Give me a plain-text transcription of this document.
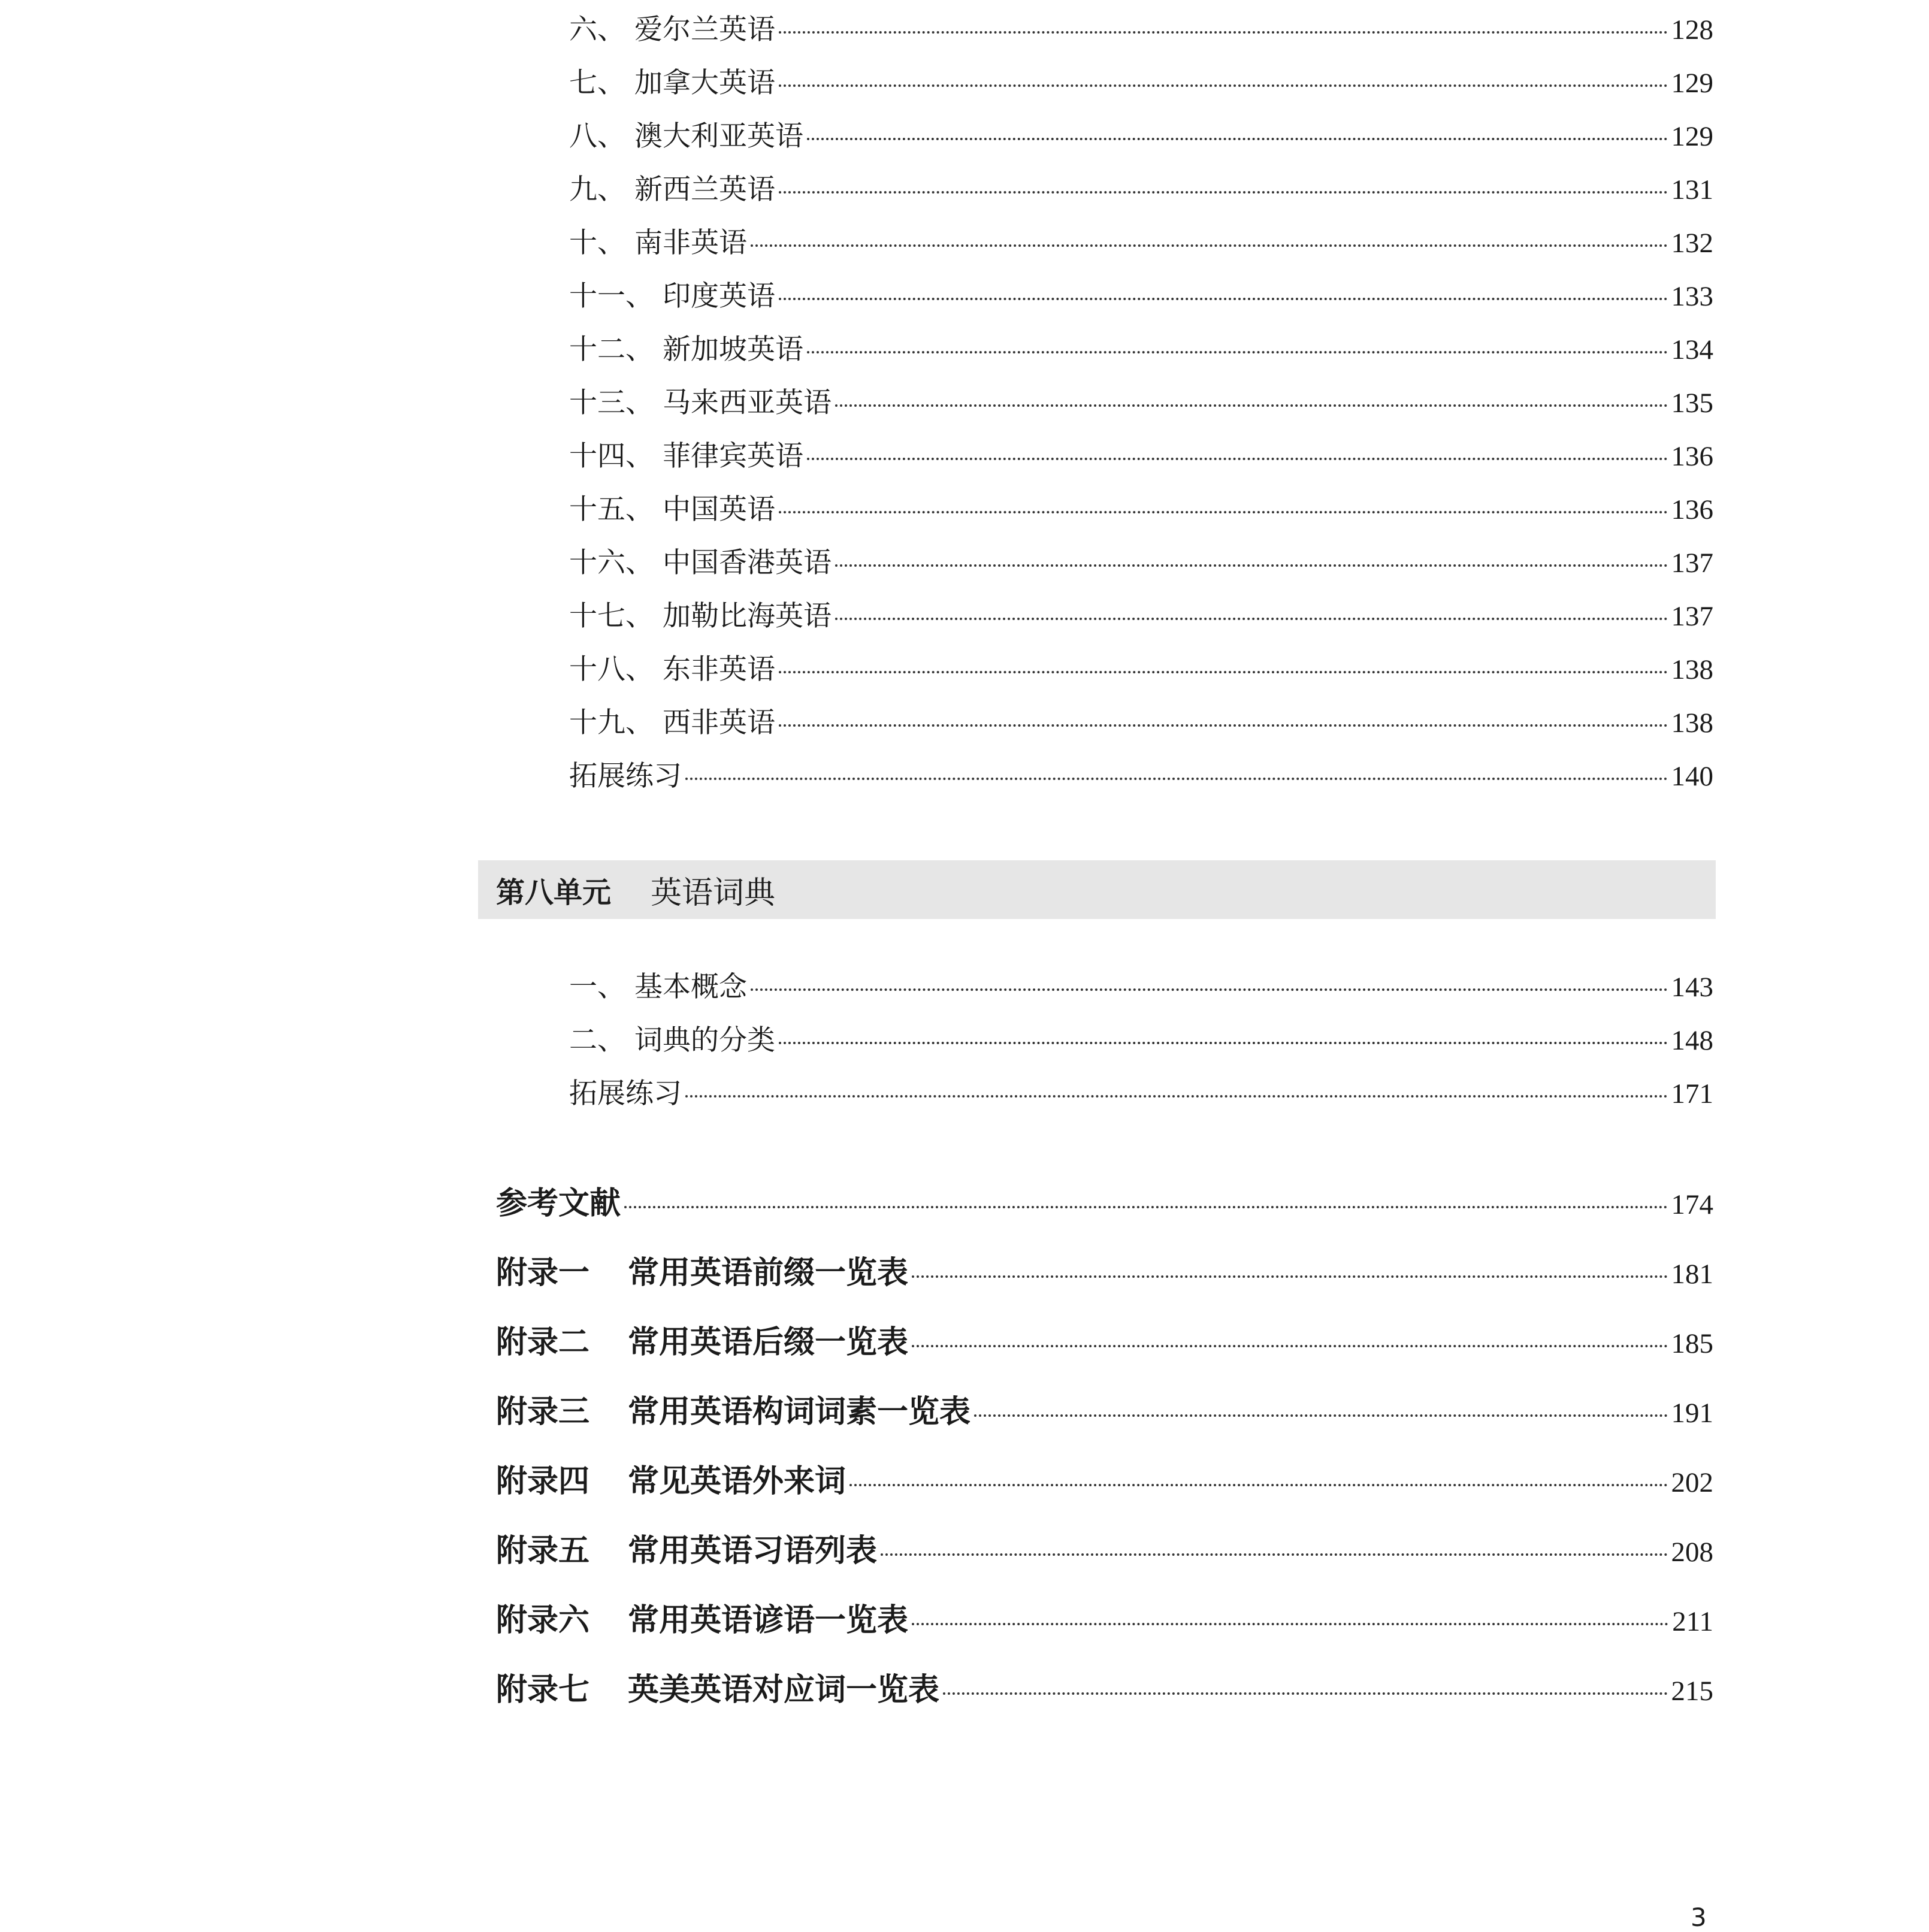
六、 爱尔兰英语	128
七、 加拿大英语	129
八、 澳大利亚英语	129
九、 新西兰英语	131
十、 南非英语	132
十一、 印度英语	133
十二、 新加坡英语	134
十三、 马来西亚英语	135
十四、 菲律宾英语	136
十五、 中国英语	136
十六、 中国香港英语	137
十七、 加勒比海英语	137
十八、 东非英语	138
十九、 西非英语	138
拓展练习	140
第八单元 英语词典
一、 基本概念	143
二、 词典的分类	148
拓展练习	171
参考文献	174
附录一 常用英语前缀一览表	181
附录二 常用英语后缀一览表	185
附录三 常用英语构词词素一览表	191
附录四 常见英语外来词	202
附录五 常用英语习语列表	208
附录六 常用英语谚语一览表	211
附录七 英美英语对应词一览表	215
3
